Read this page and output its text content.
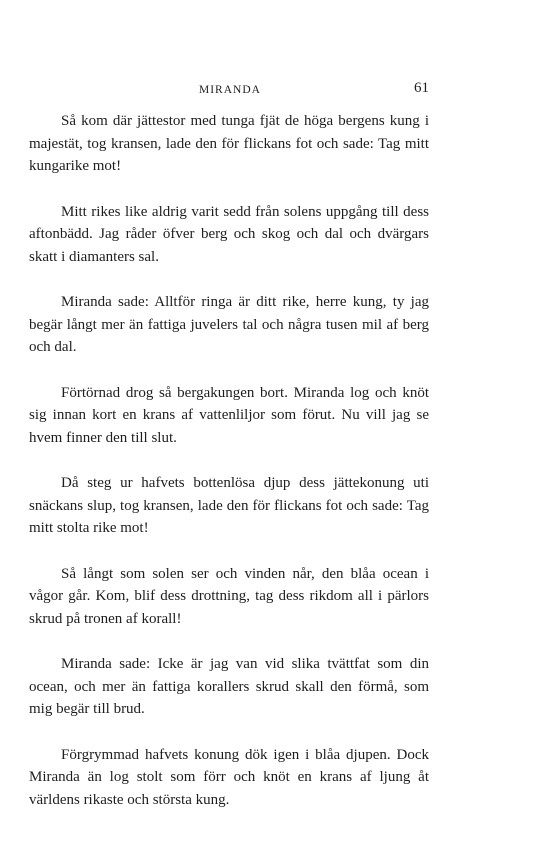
MIRANDA	61

Så kom där jättestor med tunga fjät de höga bergens kung i majestät, tog kransen, lade den för flickans fot och sade: Tag mitt kungarike mot!

Mitt rikes like aldrig varit sedd från solens uppgång till dess aftonbädd. Jag råder öfver berg och skog och dal och dvärgars skatt i diamanters sal.

Miranda sade: Alltför ringa är ditt rike, herre kung, ty jag begär långt mer än fattiga juvelers tal och några tusen mil af berg och dal.

Förtörnad drog så bergakungen bort. Miranda log och knöt sig innan kort en krans af vattenliljor som förut. Nu vill jag se hvem finner den till slut.

Då steg ur hafvets bottenlösa djup dess jättekonung uti snäckans slup, tog kransen, lade den för flickans fot och sade: Tag mitt stolta rike mot!

Så långt som solen ser och vinden når, den blåa ocean i vågor går. Kom, blif dess drottning, tag dess rikdom all i pärlors skrud på tronen af korall!

Miranda sade: Icke är jag van vid slika tvättfat som din ocean, och mer än fattiga korallers skrud skall den förmå, som mig begär till brud.

Förgrymmad hafvets konung dök igen i blåa djupen. Dock Miranda än log stolt som förr och knöt en krans af ljung åt världens rikaste och största kung.
